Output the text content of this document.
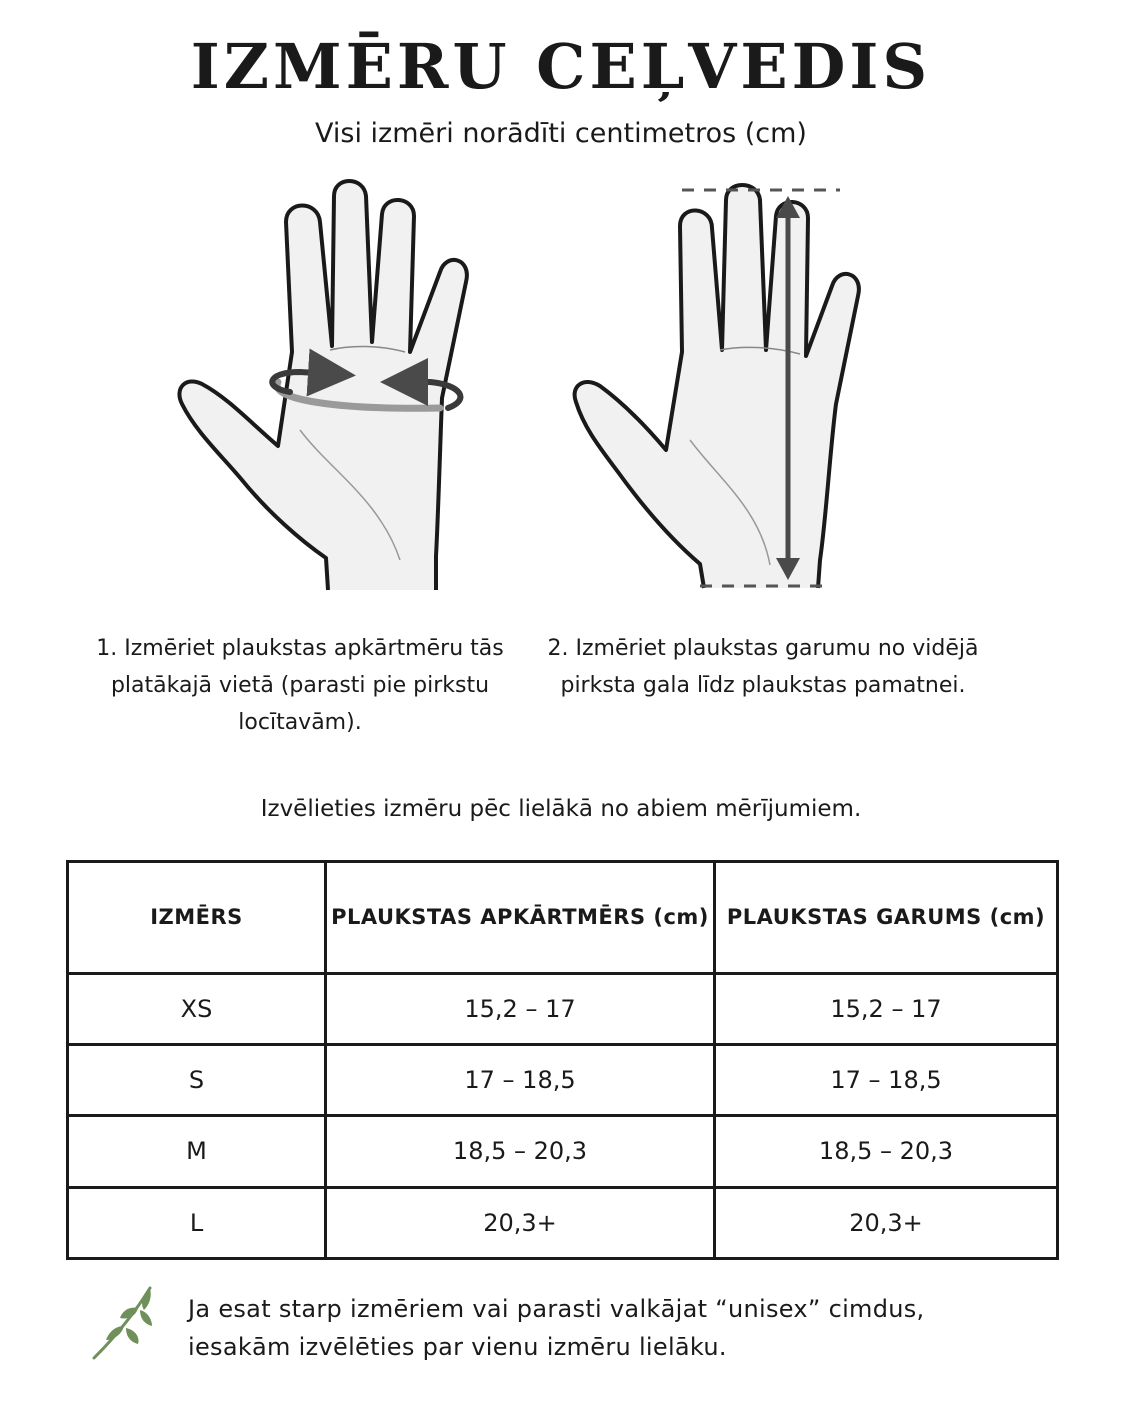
IZMĒRU CEĻVEDIS
Visi izmēri norādīti centimetros (cm)
1. Izmēriet plaukstas apkārtmēru tās platākajā vietā (parasti pie pirkstu locītavām).
2. Izmēriet plaukstas garumu no vidējā pirksta gala līdz plaukstas pamatnei.
Izvēlieties izmēru pēc lielākā no abiem mērījumiem.
IZMĒRS	PLAUKSTAS APKĀRTMĒRS (cm)	PLAUKSTAS GARUMS (cm)
XS	15,2 – 17	15,2 – 17
S	17 – 18,5	17 – 18,5
M	18,5 – 20,3	18,5 – 20,3
L	20,3+	20,3+
Ja esat starp izmēriem vai parasti valkājat “unisex” cimdus,
iesakām izvēlēties par vienu izmēru lielāku.
